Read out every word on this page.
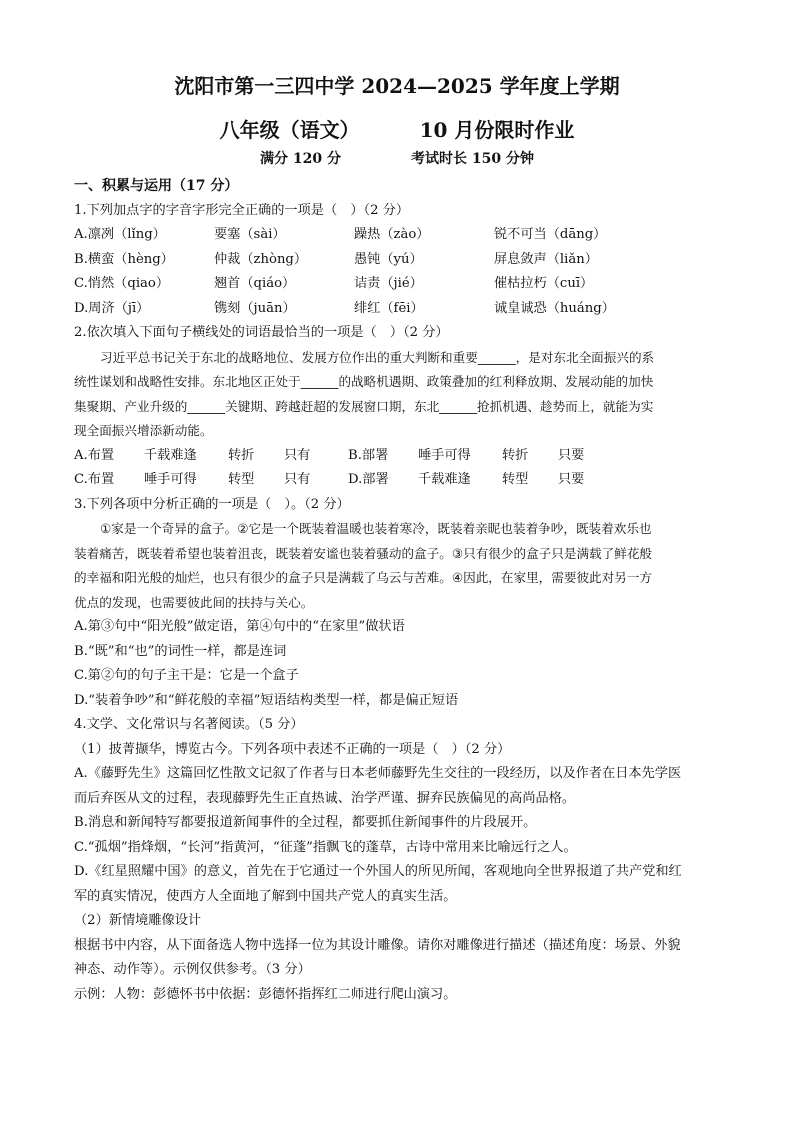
沈阳市第一三四中学 2024—2025 学年度上学期
八年级（语文）	10 月份限时作业
满分 120 分	考试时长 150 分钟
一、积累与运用（17 分）
1.下列加点字的字音字形完全正确的一项是（　）（2 分）
A.凛冽（lǐng）	要塞（sài）	躁热（zào）	锐不可当（dāng）
B.横蛮（hèng）	仲裁（zhòng）	愚钝（yú）	屏息敛声（liǎn）
C.悄然（qiao）	翘首（qiáo）	诘责（jié）	催枯拉朽（cuī）
D.周济（jī）	镌刻（juān）	绯红（fēi）	诚皇诚恐（huáng）
2.依次填入下面句子横线处的词语最恰当的一项是（　）（2 分）
习近平总书记关于东北的战略地位、发展方位作出的重大判断和重要______，是对东北全面振兴的系
统性谋划和战略性安排。东北地区正处于______的战略机遇期、政策叠加的红利释放期、发展动能的加快
集聚期、产业升级的______关键期、跨越赶超的发展窗口期，东北______抢抓机遇、趁势而上，就能为实
现全面振兴增添新动能。
A.布置	千载难逢	转折	只有	B.部署	唾手可得	转折	只要
C.布置	唾手可得	转型	只有	D.部署	千载难逢	转型	只要
3.下列各项中分析正确的一项是（　）。（2 分）
①家是一个奇异的盒子。②它是一个既装着温暖也装着寒冷，既装着亲昵也装着争吵，既装着欢乐也
装着痛苦，既装着希望也装着沮丧，既装着安谧也装着骚动的盒子。③只有很少的盒子只是满载了鲜花般
的幸福和阳光般的灿烂，也只有很少的盒子只是满载了乌云与苦难。④因此，在家里，需要彼此对另一方
优点的发现，也需要彼此间的扶持与关心。
A.第③句中“阳光般”做定语，第④句中的“在家里”做状语
B.“既”和“也”的词性一样，都是连词
C.第②句的句子主干是：它是一个盒子
D.“装着争吵”和“鲜花般的幸福”短语结构类型一样，都是偏正短语
4.文学、文化常识与名著阅读。（5 分）
（1）披菁撷华，博览古今。下列各项中表述不正确的一项是（　）（2 分）
A.《藤野先生》这篇回忆性散文记叙了作者与日本老师藤野先生交往的一段经历，以及作者在日本先学医
而后弃医从文的过程，表现藤野先生正直热诚、治学严谨、摒弃民族偏见的高尚品格。
B.消息和新闻特写都要报道新闻事件的全过程，都要抓住新闻事件的片段展开。
C.“孤烟”指烽烟，“长河”指黄河，“征蓬”指飘飞的蓬草，古诗中常用来比喻远行之人。
D.《红星照耀中国》的意义，首先在于它通过一个外国人的所见所闻，客观地向全世界报道了共产党和红
军的真实情况，使西方人全面地了解到中国共产党人的真实生活。
（2）新情境雕像设计
根据书中内容，从下面备选人物中选择一位为其设计雕像。请你对雕像进行描述（描述角度：场景、外貌
神态、动作等）。示例仅供参考。（3 分）
示例：人物：彭德怀书中依据：彭德怀指挥红二师进行爬山演习。
